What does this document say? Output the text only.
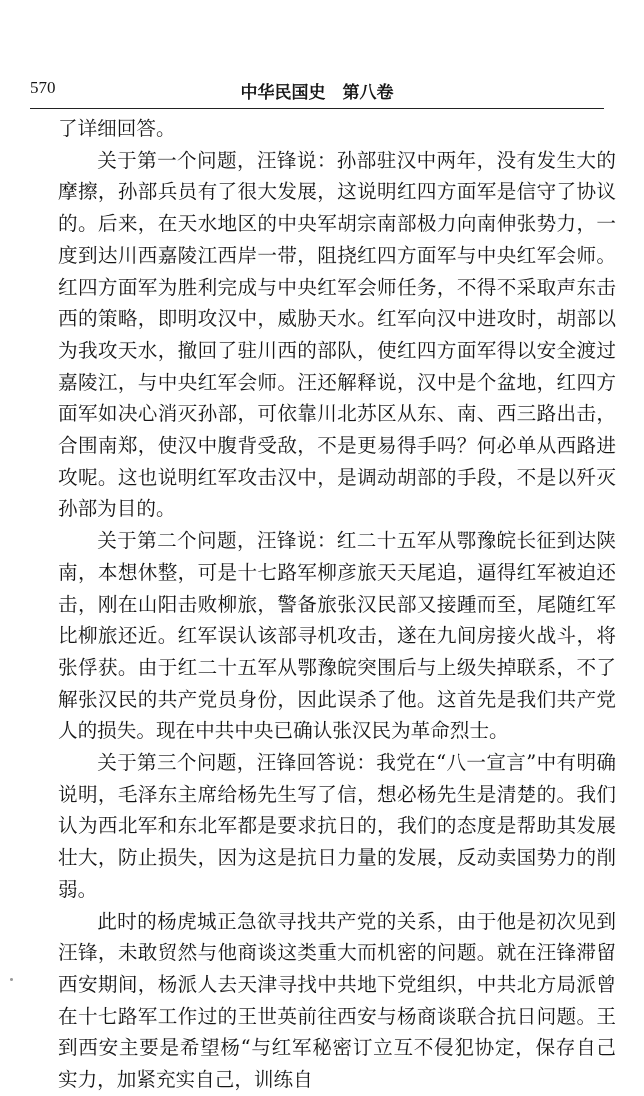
570	中华民国史　第八卷

了详细回答。

关于第一个问题，汪锋说：孙部驻汉中两年，没有发生大的摩擦，孙部兵员有了很大发展，这说明红四方面军是信守了协议的。后来，在天水地区的中央军胡宗南部极力向南伸张势力，一度到达川西嘉陵江西岸一带，阻挠红四方面军与中央红军会师。红四方面军为胜利完成与中央红军会师任务，不得不采取声东击西的策略，即明攻汉中，威胁天水。红军向汉中进攻时，胡部以为我攻天水，撤回了驻川西的部队，使红四方面军得以安全渡过嘉陵江，与中央红军会师。汪还解释说，汉中是个盆地，红四方面军如决心消灭孙部，可依靠川北苏区从东、南、西三路出击，合围南郑，使汉中腹背受敌，不是更易得手吗？何必单从西路进攻呢。这也说明红军攻击汉中，是调动胡部的手段，不是以歼灭孙部为目的。

关于第二个问题，汪锋说：红二十五军从鄂豫皖长征到达陕南，本想休整，可是十七路军柳彦旅天天尾追，逼得红军被迫还击，刚在山阳击败柳旅，警备旅张汉民部又接踵而至，尾随红军比柳旅还近。红军误认该部寻机攻击，遂在九间房接火战斗，将张俘获。由于红二十五军从鄂豫皖突围后与上级失掉联系，不了解张汉民的共产党员身份，因此误杀了他。这首先是我们共产党人的损失。现在中共中央已确认张汉民为革命烈士。

关于第三个问题，汪锋回答说：我党在“八一宣言”中有明确说明，毛泽东主席给杨先生写了信，想必杨先生是清楚的。我们认为西北军和东北军都是要求抗日的，我们的态度是帮助其发展壮大，防止损失，因为这是抗日力量的发展，反动卖国势力的削弱。

此时的杨虎城正急欲寻找共产党的关系，由于他是初次见到汪锋，未敢贸然与他商谈这类重大而机密的问题。就在汪锋滞留西安期间，杨派人去天津寻找中共地下党组织，中共北方局派曾在十七路军工作过的王世英前往西安与杨商谈联合抗日问题。王到西安主要是希望杨“与红军秘密订立互不侵犯协定，保存自己实力，加紧充实自己，训练自
